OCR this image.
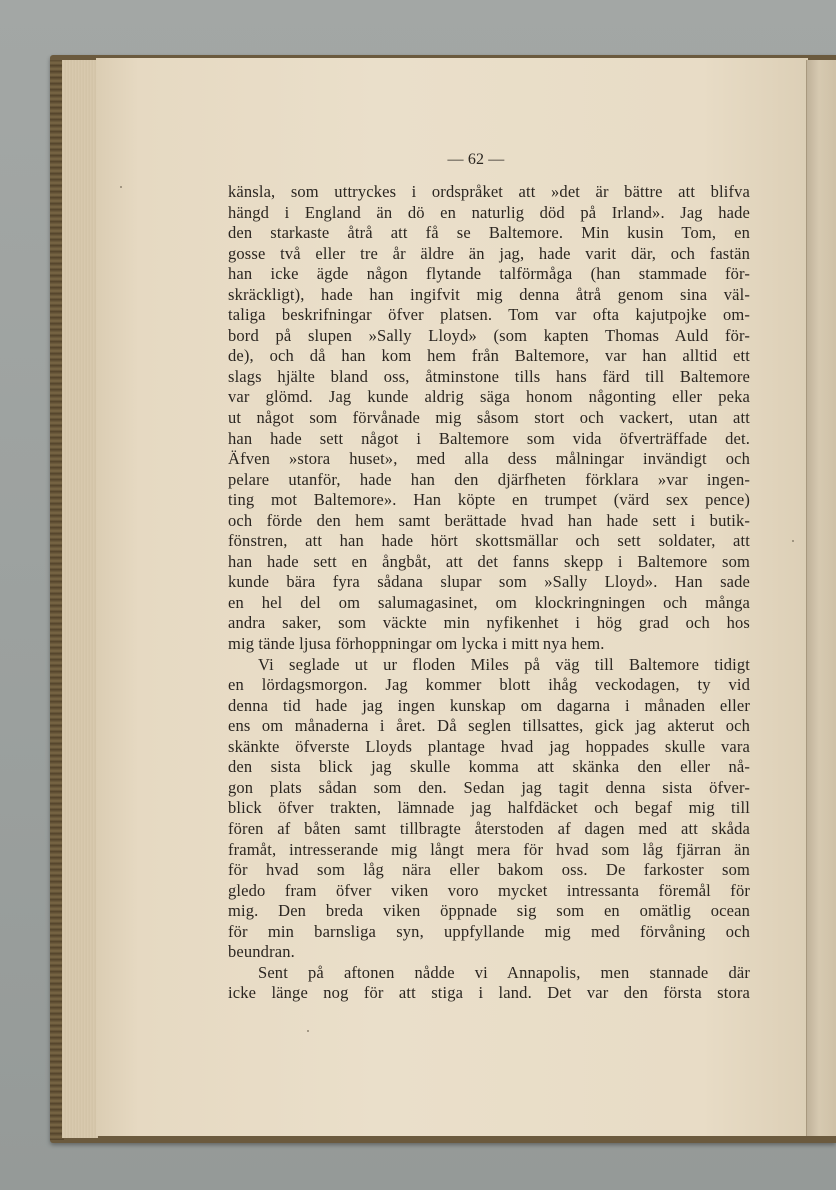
— 62 —
känsla, som uttryckes i ordspråket att »det är bättre att blifva
hängd i England än dö en naturlig död på Irland». Jag hade
den starkaste åtrå att få se Baltemore. Min kusin Tom, en
gosse två eller tre år äldre än jag, hade varit där, och fastän
han icke ägde någon flytande talförmåga (han stammade för-
skräckligt), hade han ingifvit mig denna åtrå genom sina väl-
taliga beskrifningar öfver platsen. Tom var ofta kajutpojke om-
bord på slupen »Sally Lloyd» (som kapten Thomas Auld för-
de), och då han kom hem från Baltemore, var han alltid ett
slags hjälte bland oss, åtminstone tills hans färd till Baltemore
var glömd. Jag kunde aldrig säga honom någonting eller peka
ut något som förvånade mig såsom stort och vackert, utan att
han hade sett något i Baltemore som vida öfverträffade det.
Äfven »stora huset», med alla dess målningar invändigt och
pelare utanför, hade han den djärfheten förklara »var ingen-
ting mot Baltemore». Han köpte en trumpet (värd sex pence)
och förde den hem samt berättade hvad han hade sett i butik-
fönstren, att han hade hört skottsmällar och sett soldater, att
han hade sett en ångbåt, att det fanns skepp i Baltemore som
kunde bära fyra sådana slupar som »Sally Lloyd». Han sade
en hel del om salumagasinet, om klockringningen och många
andra saker, som väckte min nyfikenhet i hög grad och hos
mig tände ljusa förhoppningar om lycka i mitt nya hem.
Vi seglade ut ur floden Miles på väg till Baltemore tidigt
en lördagsmorgon. Jag kommer blott ihåg veckodagen, ty vid
denna tid hade jag ingen kunskap om dagarna i månaden eller
ens om månaderna i året. Då seglen tillsattes, gick jag akterut och
skänkte öfverste Lloyds plantage hvad jag hoppades skulle vara
den sista blick jag skulle komma att skänka den eller nå-
gon plats sådan som den. Sedan jag tagit denna sista öfver-
blick öfver trakten, lämnade jag halfdäcket och begaf mig till
fören af båten samt tillbragte återstoden af dagen med att skåda
framåt, intresserande mig långt mera för hvad som låg fjärran än
för hvad som låg nära eller bakom oss. De farkoster som
gledo fram öfver viken voro mycket intressanta föremål för
mig. Den breda viken öppnade sig som en omätlig ocean
för min barnsliga syn, uppfyllande mig med förvåning och
beundran.
Sent på aftonen nådde vi Annapolis, men stannade där
icke länge nog för att stiga i land. Det var den första stora
